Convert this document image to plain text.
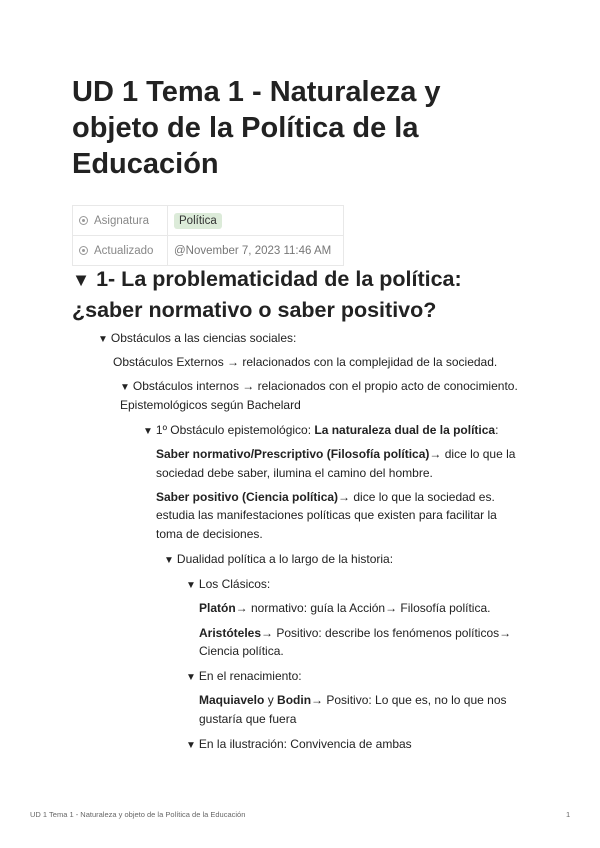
UD 1 Tema 1 - Naturaleza y
objeto de la Política de la
Educación
Asignatura	Política
Actualizado	@November 7, 2023 11:46 AM
▼ 1- La problematicidad de la política:
¿saber normativo o saber positivo?
▼ Obstáculos a las ciencias sociales:
Obstáculos Externos → relacionados con la complejidad de la sociedad.
▼ Obstáculos internos → relacionados con el propio acto de conocimiento.
Epistemológicos según Bachelard
▼ 1º Obstáculo epistemológico: La naturaleza dual de la política:
Saber normativo/Prescriptivo (Filosofía política)→ dice lo que la
sociedad debe saber, ilumina el camino del hombre.
Saber positivo (Ciencia política)→ dice lo que la sociedad es.
estudia las manifestaciones políticas que existen para facilitar la
toma de decisiones.
▼ Dualidad política a lo largo de la historia:
▼ Los Clásicos:
Platón→ normativo: guía la Acción→ Filosofía política.
Aristóteles→ Positivo: describe los fenómenos políticos→
Ciencia política.
▼ En el renacimiento:
Maquiavelo y Bodin→ Positivo: Lo que es, no lo que nos
gustaría que fuera
▼ En la ilustración: Convivencia de ambas
UD 1 Tema 1 - Naturaleza y objeto de la Política de la Educación	1
